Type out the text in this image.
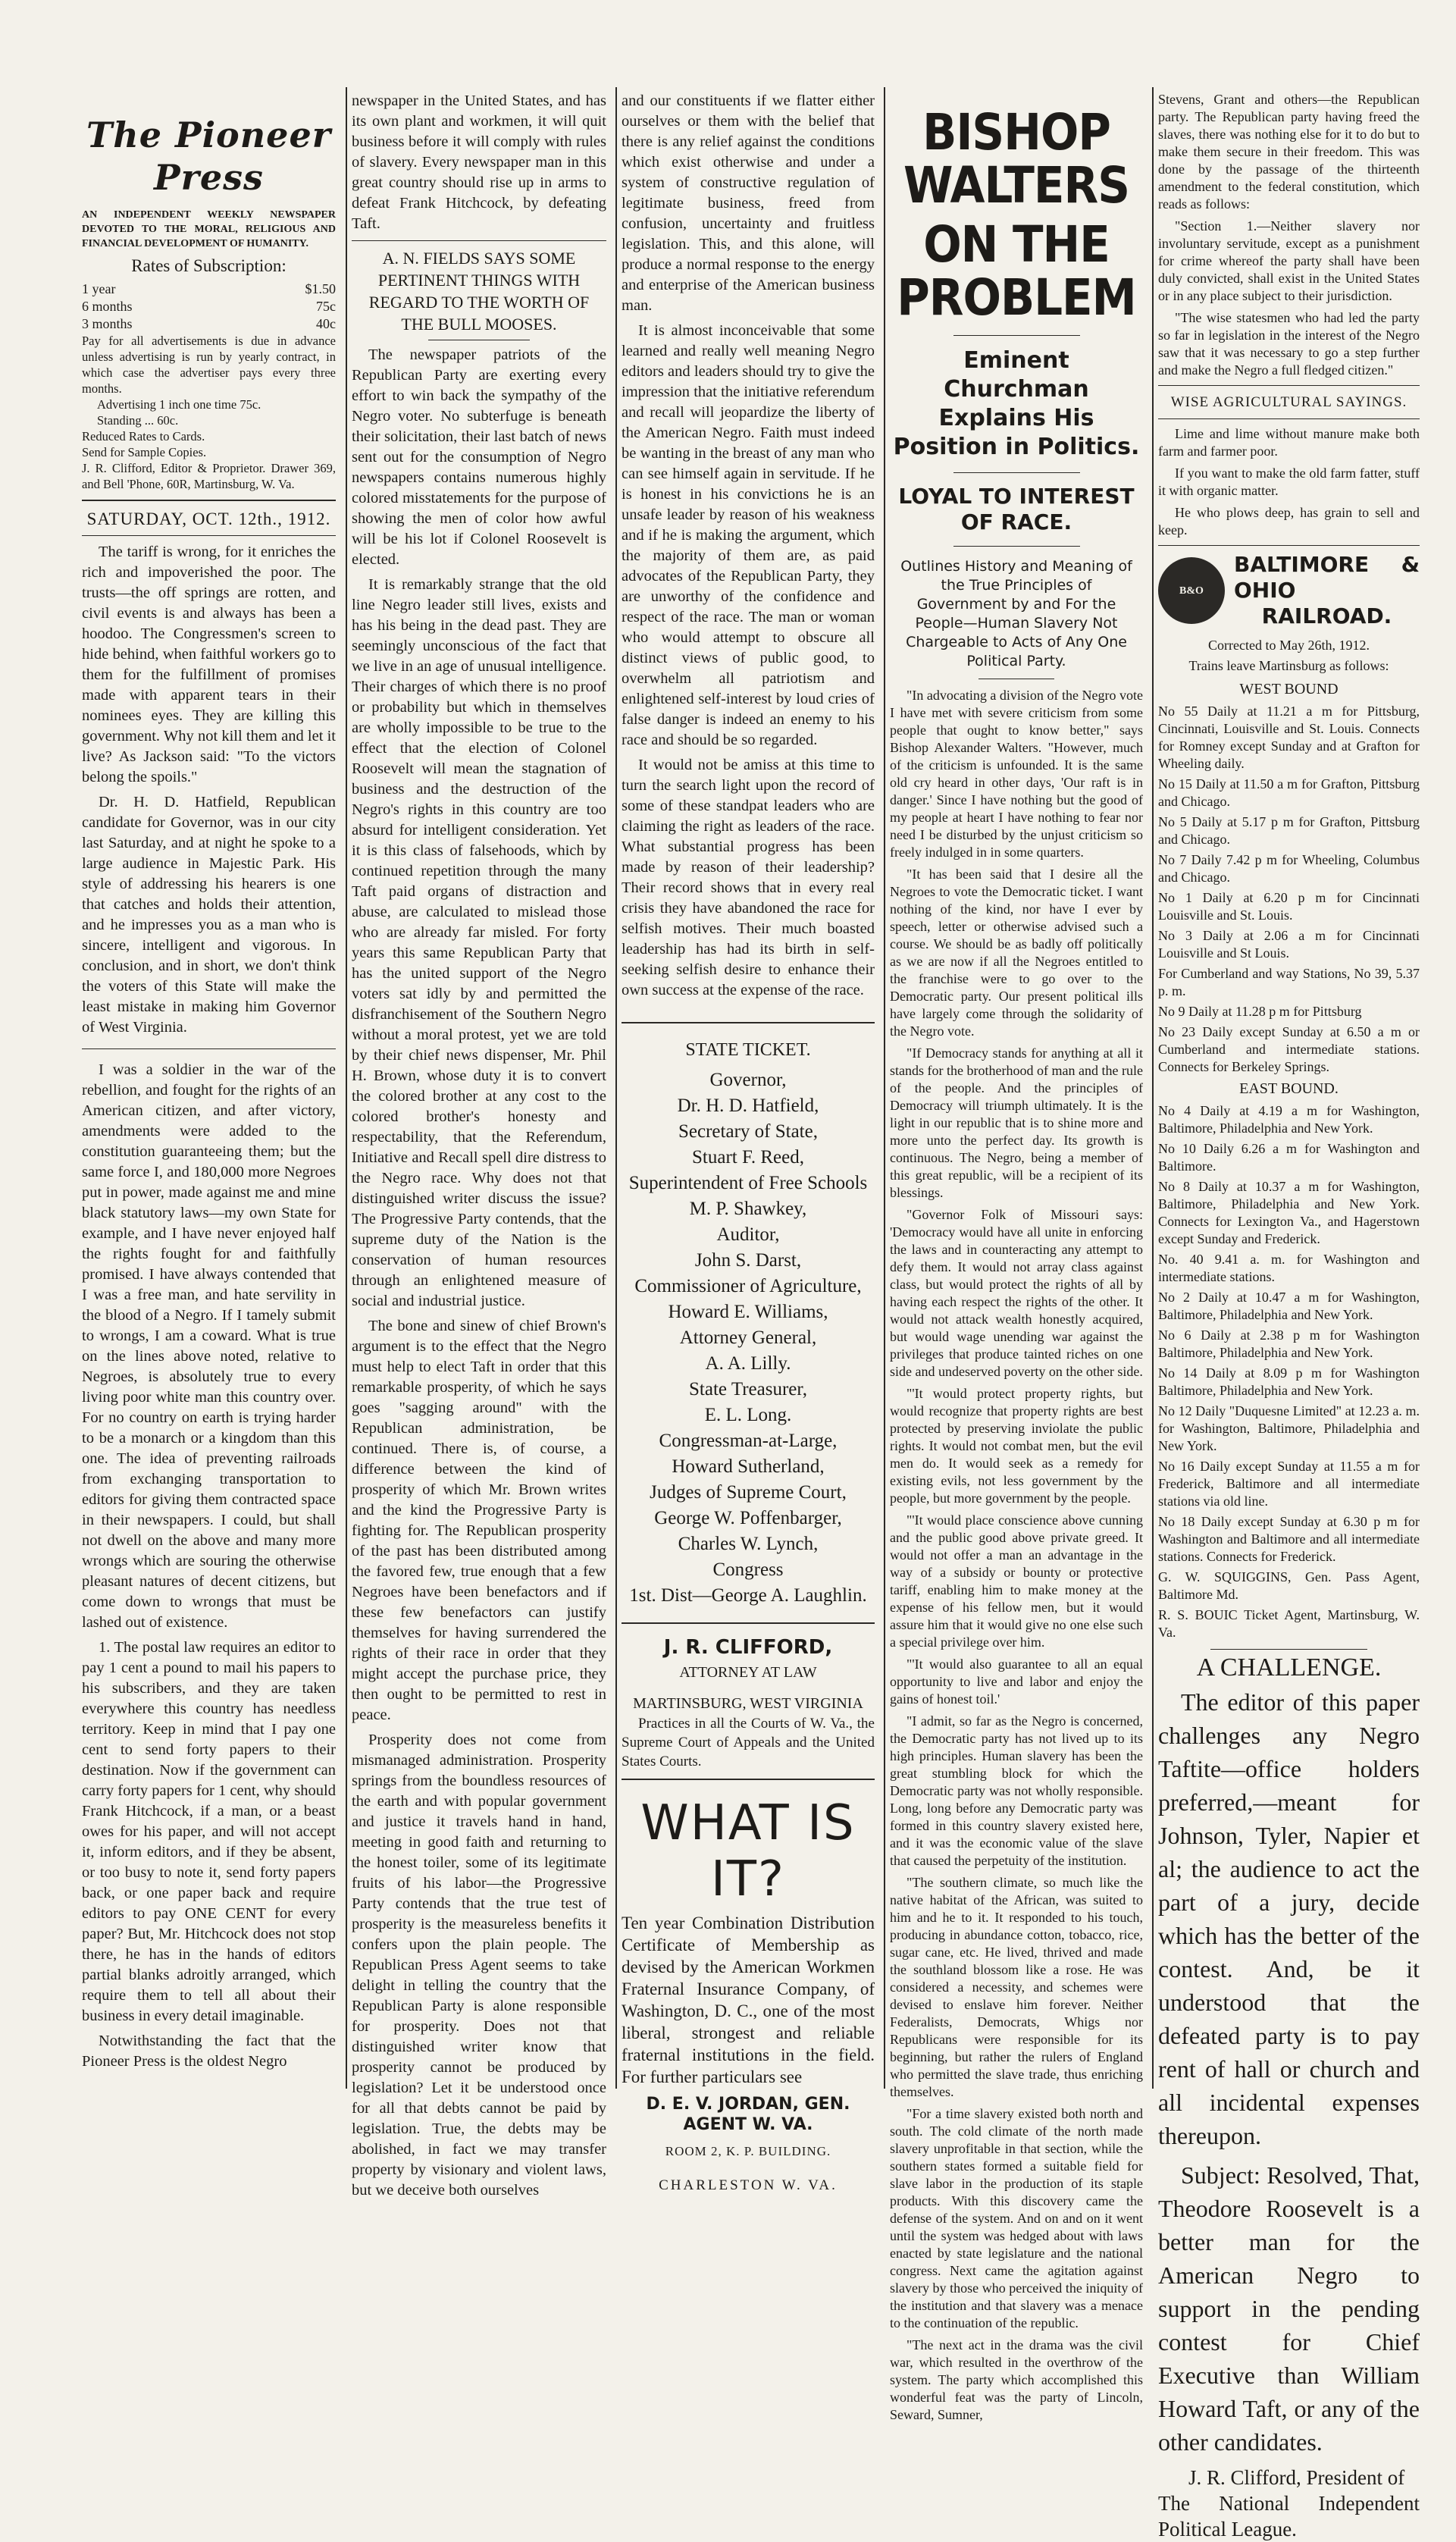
The Pioneer Press
AN INDEPENDENT WEEKLY NEWSPAPER DEVOTED TO THE MORAL, RELIGIOUS AND FINANCIAL DEVELOPMENT OF HUMANITY.
Rates of Subscription:
1 year	$1.50
6 months	75c
3 months	40c
Pay for all advertisements is due in advance unless advertising is run by yearly contract, in which case the advertiser pays every three months.
Advertising 1 inch one time 75c.
Standing ... 60c.
Reduced Rates to Cards.
Send for Sample Copies.
J. R. Clifford, Editor & Proprietor. Drawer 369, and Bell 'Phone, 60R, Martinsburg, W. Va.
SATURDAY, OCT. 12th., 1912.

The tariff is wrong, for it enriches the rich and impoverished the poor. The trusts—the off springs are rotten, and civil events is and always has been a hoodoo. The Congressmen's screen to hide behind, when faithful workers go to them for the fulfillment of promises made with apparent tears in their nominees eyes. They are killing this government. Why not kill them and let it live? As Jackson said: "To the victors belong the spoils."

Dr. H. D. Hatfield, Republican candidate for Governor, was in our city last Saturday, and at night he spoke to a large audience in Majestic Park. His style of addressing his hearers is one that catches and holds their attention, and he impresses you as a man who is sincere, intelligent and vigorous. In conclusion, and in short, we don't think the voters of this State will make the least mistake in making him Governor of West Virginia.

I was a soldier in the war of the rebellion, and fought for the rights of an American citizen, and after victory, amendments were added to the constitution guaranteeing them; but the same force I, and 180,000 more Negroes put in power, made against me and mine black statutory laws—my own State for example, and I have never enjoyed half the rights fought for and faithfully promised. I have always contended that I was a free man, and hate servility in the blood of a Negro. If I tamely submit to wrongs, I am a coward. What is true on the lines above noted, relative to Negroes, is absolutely true to every living poor white man this country over. For no country on earth is trying harder to be a monarch or a kingdom than this one. The idea of preventing railroads from exchanging transportation to editors for giving them contracted space in their newspapers. I could, but shall not dwell on the above and many more wrongs which are souring the otherwise pleasant natures of decent citizens, but come down to wrongs that must be lashed out of existence.

1. The postal law requires an editor to pay 1 cent a pound to mail his papers to his subscribers, and they are taken everywhere this country has needless territory. Keep in mind that I pay one cent to send forty papers to their destination. Now if the government can carry forty papers for 1 cent, why should Frank Hitchcock, if a man, or a beast owes for his paper, and will not accept it, inform editors, and if they be absent, or too busy to note it, send forty papers back, or one paper back and require editors to pay ONE CENT for every paper? But, Mr. Hitchcock does not stop there, he has in the hands of editors partial blanks adroitly arranged, which require them to tell all about their business in every detail imaginable.

Notwithstanding the fact that the Pioneer Press is the oldest Negro

newspaper in the United States, and has its own plant and workmen, it will quit business before it will comply with rules of slavery. Every newspaper man in this great country should rise up in arms to defeat Frank Hitchcock, by defeating Taft.

A. N. FIELDS SAYS SOME PERTINENT THINGS WITH REGARD TO THE WORTH OF THE BULL MOOSES.

The newspaper patriots of the Republican Party are exerting every effort to win back the sympathy of the Negro voter. No subterfuge is beneath their solicitation, their last batch of news sent out for the consumption of Negro newspapers contains numerous highly colored misstatements for the purpose of showing the men of color how awful will be his lot if Colonel Roosevelt is elected.

It is remarkably strange that the old line Negro leader still lives, exists and has his being in the dead past. They are seemingly unconscious of the fact that we live in an age of unusual intelligence. Their charges of which there is no proof or probability but which in themselves are wholly impossible to be true to the effect that the election of Colonel Roosevelt will mean the stagnation of business and the destruction of the Negro's rights in this country are too absurd for intelligent consideration. Yet it is this class of falsehoods, which by continued repetition through the many Taft paid organs of distraction and abuse, are calculated to mislead those who are already far misled. For forty years this same Republican Party that has the united support of the Negro voters sat idly by and permitted the disfranchisement of the Southern Negro without a moral protest, yet we are told by their chief news dispenser, Mr. Phil H. Brown, whose duty it is to convert the colored brother at any cost to the colored brother's honesty and respectability, that the Referendum, Initiative and Recall spell dire distress to the Negro race. Why does not that distinguished writer discuss the issue? The Progressive Party contends, that the supreme duty of the Nation is the conservation of human resources through an enlightened measure of social and industrial justice.

The bone and sinew of chief Brown's argument is to the effect that the Negro must help to elect Taft in order that this remarkable prosperity, of which he says goes "sagging around" with the Republican administration, be continued. There is, of course, a difference between the kind of prosperity of which Mr. Brown writes and the kind the Progressive Party is fighting for. The Republican prosperity of the past has been distributed among the favored few, true enough that a few Negroes have been benefactors and if these few benefactors can justify themselves for having surrendered the rights of their race in order that they might accept the purchase price, they then ought to be permitted to rest in peace.

Prosperity does not come from mismanaged administration. Prosperity springs from the boundless resources of the earth and with popular government and justice it travels hand in hand, meeting in good faith and returning to the honest toiler, some of its legitimate fruits of his labor—the Progressive Party contends that the true test of prosperity is the measureless benefits it confers upon the plain people. The Republican Press Agent seems to take delight in telling the country that the Republican Party is alone responsible for prosperity. Does not that distinguished writer know that prosperity cannot be produced by legislation? Let it be understood once for all that debts cannot be paid by legislation. True, the debts may be abolished, in fact we may transfer property by visionary and violent laws, but we deceive both ourselves

and our constituents if we flatter either ourselves or them with the belief that there is any relief against the conditions which exist otherwise and under a system of constructive regulation of legitimate business, freed from confusion, uncertainty and fruitless legislation. This, and this alone, will produce a normal response to the energy and enterprise of the American business man.

It is almost inconceivable that some learned and really well meaning Negro editors and leaders should try to give the impression that the initiative referendum and recall will jeopardize the liberty of the American Negro. Faith must indeed be wanting in the breast of any man who can see himself again in servitude. If he is honest in his convictions he is an unsafe leader by reason of his weakness and if he is making the argument, which the majority of them are, as paid advocates of the Republican Party, they are unworthy of the confidence and respect of the race. The man or woman who would attempt to obscure all distinct views of public good, to overwhelm all patriotism and enlightened self-interest by loud cries of false danger is indeed an enemy to his race and should be so regarded.

It would not be amiss at this time to turn the search light upon the record of some of these standpat leaders who are claiming the right as leaders of the race. What substantial progress has been made by reason of their leadership? Their record shows that in every real crisis they have abandoned the race for selfish motives. Their much boasted leadership has had its birth in self-seeking selfish desire to enhance their own success at the expense of the race.

STATE TICKET.
Governor,
Dr. H. D. Hatfield,
Secretary of State,
Stuart F. Reed,
Superintendent of Free Schools
M. P. Shawkey,
Auditor,
John S. Darst,
Commissioner of Agriculture,
Howard E. Williams,
Attorney General,
A. A. Lilly.
State Treasurer,
E. L. Long.
Congressman-at-Large,
Howard Sutherland,
Judges of Supreme Court,
George W. Poffenbarger,
Charles W. Lynch,
Congress
1st. Dist—George A. Laughlin.
J. R. CLIFFORD,
ATTORNEY AT LAW
MARTINSBURG, WEST VIRGINIA

Practices in all the Courts of W. Va., the Supreme Court of Appeals and the United States Courts.

WHAT IS IT?
Ten year Combination Distribution Certificate of Membership as devised by the American Workmen Fraternal Insurance Company, of Washington, D. C., one of the most liberal, strongest and reliable fraternal institutions in the field. For further particulars see
D. E. V. JORDAN, GEN. AGENT W. VA.
ROOM 2, K. P. BUILDING.
CHARLESTON W. VA.
BISHOP WALTERS
ON THE PROBLEM
Eminent Churchman Explains His Position in Politics.
LOYAL TO INTEREST OF RACE.
Outlines History and Meaning of the True Principles of Government by and For the People—Human Slavery Not Chargeable to Acts of Any One Political Party.

"In advocating a division of the Negro vote I have met with severe criticism from some people that ought to know better," says Bishop Alexander Walters. "However, much of the criticism is unfounded. It is the same old cry heard in other days, 'Our raft is in danger.' Since I have nothing but the good of my people at heart I have nothing to fear nor need I be disturbed by the unjust criticism so freely indulged in in some quarters.

"It has been said that I desire all the Negroes to vote the Democratic ticket. I want nothing of the kind, nor have I ever by speech, letter or otherwise advised such a course. We should be as badly off politically as we are now if all the Negroes entitled to the franchise were to go over to the Democratic party. Our present political ills have largely come through the solidarity of the Negro vote.

"If Democracy stands for anything at all it stands for the brotherhood of man and the rule of the people. And the principles of Democracy will triumph ultimately. It is the light in our republic that is to shine more and more unto the perfect day. Its growth is continuous. The Negro, being a member of this great republic, will be a recipient of its blessings.

"Governor Folk of Missouri says: 'Democracy would have all unite in enforcing the laws and in counteracting any attempt to defy them. It would not array class against class, but would protect the rights of all by having each respect the rights of the other. It would not attack wealth honestly acquired, but would wage unending war against the privileges that produce tainted riches on one side and undeserved poverty on the other side.

"'It would protect property rights, but would recognize that property rights are best protected by preserving inviolate the public rights. It would not combat men, but the evil men do. It would seek as a remedy for existing evils, not less government by the people, but more government by the people.

"'It would place conscience above cunning and the public good above private greed. It would not offer a man an advantage in the way of a subsidy or bounty or protective tariff, enabling him to make money at the expense of his fellow men, but it would assure him that it would give no one else such a special privilege over him.

"'It would also guarantee to all an equal opportunity to live and labor and enjoy the gains of honest toil.'

"I admit, so far as the Negro is concerned, the Democratic party has not lived up to its high principles. Human slavery has been the great stumbling block for which the Democratic party was not wholly responsible. Long, long before any Democratic party was formed in this country slavery existed here, and it was the economic value of the slave that caused the perpetuity of the institution.

"The southern climate, so much like the native habitat of the African, was suited to him and he to it. It responded to his touch, producing in abundance cotton, tobacco, rice, sugar cane, etc. He lived, thrived and made the southland blossom like a rose. He was considered a necessity, and schemes were devised to enslave him forever. Neither Federalists, Democrats, Whigs nor Republicans were responsible for its beginning, but rather the rulers of England who permitted the slave trade, thus enriching themselves.

"For a time slavery existed both north and south. The cold climate of the north made slavery unprofitable in that section, while the southern states formed a suitable field for slave labor in the production of its staple products. With this discovery came the defense of the system. And on and on it went until the system was hedged about with laws enacted by state legislature and the national congress. Next came the agitation against slavery by those who perceived the iniquity of the institution and that slavery was a menace to the continuation of the republic.

"The next act in the drama was the civil war, which resulted in the overthrow of the system. The party which accomplished this wonderful feat was the party of Lincoln, Seward, Sumner,

Stevens, Grant and others—the Republican party. The Republican party having freed the slaves, there was nothing else for it to do but to make them secure in their freedom. This was done by the passage of the thirteenth amendment to the federal constitution, which reads as follows:

"Section 1.—Neither slavery nor involuntary servitude, except as a punishment for crime whereof the party shall have been duly convicted, shall exist in the United States or in any place subject to their jurisdiction.

"The wise statesmen who had led the party so far in legislation in the interest of the Negro saw that it was necessary to go a step further and make the Negro a full fledged citizen."

WISE AGRICULTURAL SAYINGS.

Lime and lime without manure make both farm and farmer poor.

If you want to make the old farm fatter, stuff it with organic matter.

He who plows deep, has grain to sell and keep.

B&O
BALTIMORE & OHIO
RAILROAD.
Corrected to May 26th, 1912.
Trains leave Martinsburg as follows:
WEST BOUND
No 55 Daily at 11.21 a m for Pittsburg, Cincinnati, Louisville and St. Louis. Connects for Romney except Sunday and at Grafton for Wheeling daily.
No 15 Daily at 11.50 a m for Grafton, Pittsburg and Chicago.
No 5 Daily at 5.17 p m for Grafton, Pittsburg and Chicago.
No 7 Daily 7.42 p m for Wheeling, Columbus and Chicago.
No 1 Daily at 6.20 p m for Cincinnati Louisville and St. Louis.
No 3 Daily at 2.06 a m for Cincinnati Louisville and St Louis.
For Cumberland and way Stations, No 39, 5.37 p. m.
No 9 Daily at 11.28 p m for Pittsburg
No 23 Daily except Sunday at 6.50 a m or Cumberland and intermediate stations. Connects for Berkeley Springs.
EAST BOUND.
No 4 Daily at 4.19 a m for Washington, Baltimore, Philadelphia and New York.
No 10 Daily 6.26 a m for Washington and Baltimore.
No 8 Daily at 10.37 a m for Washington, Baltimore, Philadelphia and New York. Connects for Lexington Va., and Hagerstown except Sunday and Frederick.
No. 40 9.41 a. m. for Washington and intermediate stations.
No 2 Daily at 10.47 a m for Washington, Baltimore, Philadelphia and New York.
No 6 Daily at 2.38 p m for Washington Baltimore, Philadelphia and New York.
No 14 Daily at 8.09 p m for Washington Baltimore, Philadelphia and New York.
No 12 Daily "Duquesne Limited" at 12.23 a. m. for Washington, Baltimore, Philadelphia and New York.
No 16 Daily except Sunday at 11.55 a m for Frederick, Baltimore and all intermediate stations via old line.
No 18 Daily except Sunday at 6.30 p m for Washington and Baltimore and all intermediate stations. Connects for Frederick.
G. W. SQUIGGINS, Gen. Pass Agent, Baltimore Md.
R. S. BOUIC Ticket Agent, Martinsburg, W. Va.
A CHALLENGE.

The editor of this paper challenges any Negro Taftite—office holders preferred,—meant for Johnson, Tyler, Napier et al; the audience to act the part of a jury, decide which has the better of the contest. And, be it understood that the defeated party is to pay rent of hall or church and all incidental expenses thereupon.

Subject: Resolved, That, Theodore Roosevelt is a better man for the American Negro to support in the pending contest for Chief Executive than William Howard Taft, or any of the other candidates.

J. R. Clifford, President of
The National Independent Political League.
